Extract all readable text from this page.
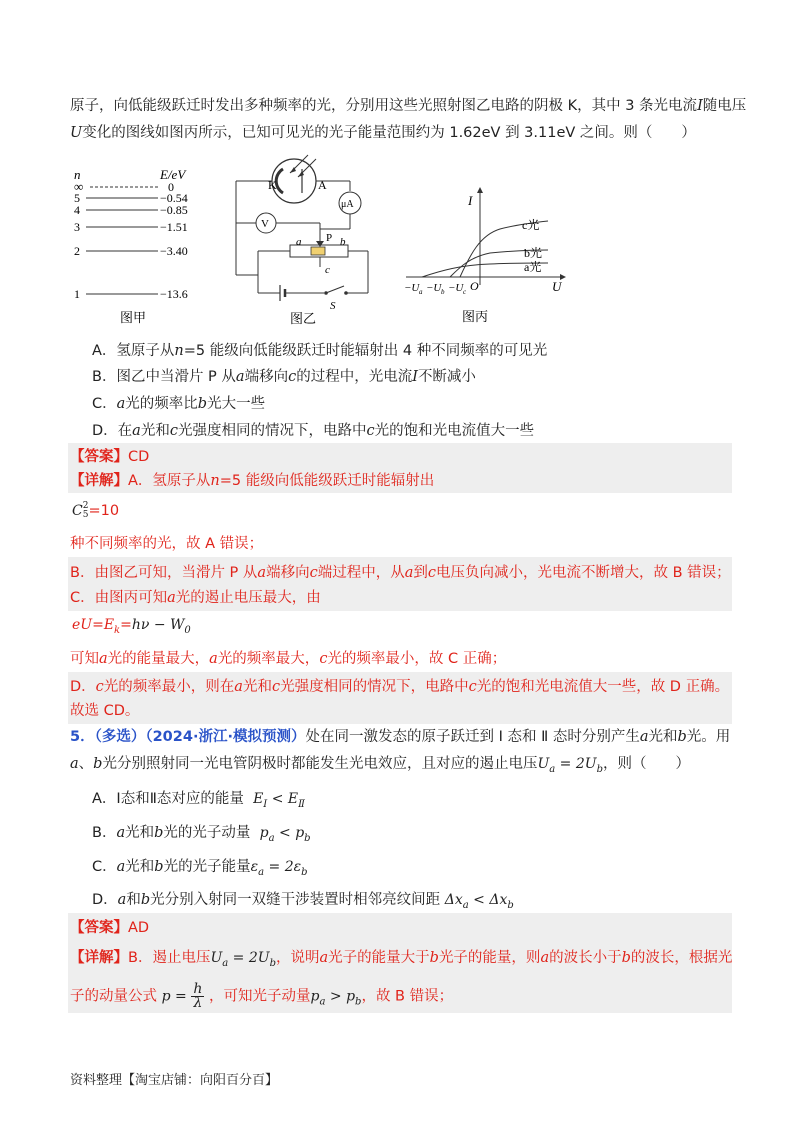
原子，向低能级跃迁时发出多种频率的光，分别用这些光照射图乙电路的阴极 K，其中 3 条光电流I随电压
U变化的图线如图丙所示，已知可见光的光子能量范围约为 1.62eV 到 3.11eV 之间。则（　　）
n	E/eV
∞	0
5	−0.54
4	−0.85
3	−1.51
2	−3.40
1	−13.6
图甲
K	A
μA
V
P
a	b
c
S
图乙
I
U
O
c光
b光
a光
−U a −U b −U c
图丙
A．氢原子从n=5 能级向低能级跃迁时能辐射出 4 种不同频率的可见光
B．图乙中当滑片 P 从a端移向c的过程中，光电流I不断减小
C．a光的频率比b光大一些
D．在a光和c光强度相同的情况下，电路中c光的饱和光电流值大一些
【答案】CD
【详解】A．氢原子从n=5 能级向低能级跃迁时能辐射出
C 2
5 =10
种不同频率的光，故 A 错误；
B．由图乙可知，当滑片 P 从a端移向c端过程中，从a到c电压负向减小，光电流不断增大，故 B 错误；
C．由图丙可知a光的遏止电压最大，由
$eU=E_k=h\nu - W_0$
可知a光的能量最大，a光的频率最大，c光的频率最小，故 C 正确；
D．c光的频率最小，则在a光和c光强度相同的情况下，电路中c光的饱和光电流值大一些，故 D 正确。
故选 CD。
5．（多选）（2024·浙江·模拟预测）处在同一激发态的原子跃迁到 Ⅰ 态和 Ⅱ 态时分别产生a光和b光。用
a、b光分别照射同一光电管阴极时都能发生光电效应，且对应的遏止电压$U_a = 2U_b$，则（　　）
A．Ⅰ态和Ⅱ态对应的能量 $E_Ⅰ < E_Ⅱ$
B．a光和b光的光子动量 $p_a < p_b$
C．a光和b光的光子能量$\varepsilon_a = 2\varepsilon_b$
D．a和b光分别入射同一双缝干涉装置时相邻亮纹间距 $\Delta x_a < \Delta x_b$
【答案】AD
【详解】B．遏止电压$U_a = 2U_b$，说明a光子的能量大于b光子的能量，则a的波长小于b的波长，根据光
子的动量公式 $p = \frac{h}{\lambda}$ ，可知光子动量$p_a > p_b$，故 B 错误；
资料整理【淘宝店铺：向阳百分百】
